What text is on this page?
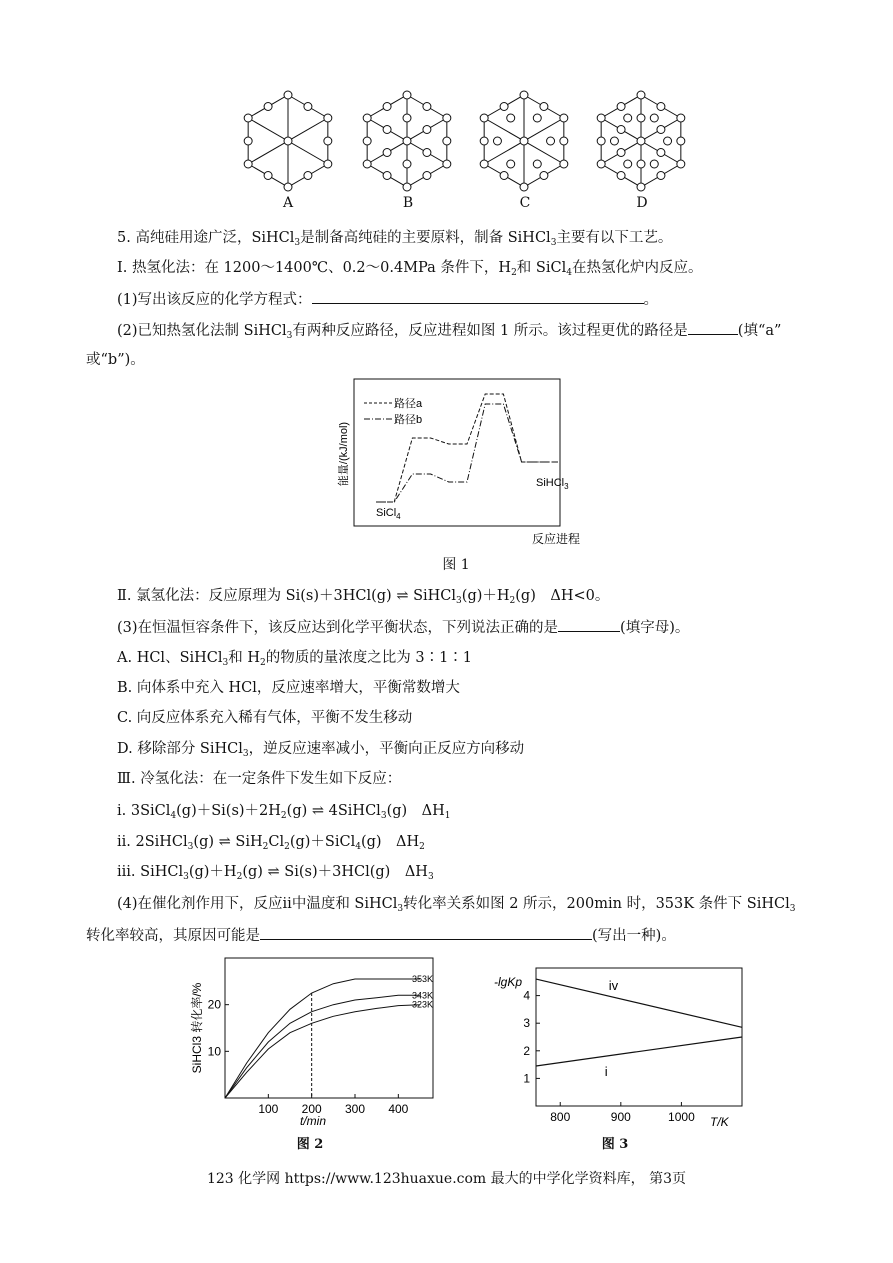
A	B	C	D
5. 高纯硅用途广泛，SiHCl$_3$是制备高纯硅的主要原料，制备 SiHCl$_3$主要有以下工艺。
Ⅰ. 热氢化法：在 1200～1400℃、0.2～0.4MPa 条件下，$H_2$和 SiCl$_4$在热氢化炉内反应。
(1)写出该反应的化学方程式：	。
(2)已知热氢化法制 SiHCl$_3$有两种反应路径，反应进程如图 1 所示。该过程更优的路径是	(填“a”
或“b”)。
能量/(kJ/mol)
路径a
路径b
SiCl$_4$
SiHCl$_3$
反应进程
图 1
Ⅱ. 氯氢化法：反应原理为 Si(s)＋3HCl(g) ⇌ $SiHCl_3(g)+H_2(g)$　ΔH<0。
(3)在恒温恒容条件下，该反应达到化学平衡状态，下列说法正确的是	(填字母)。
A. HCl、SiHCl$_3$和 $H_2$的物质的量浓度之比为 3∶1∶1
B. 向体系中充入 HCl，反应速率增大，平衡常数增大
C. 向反应体系充入稀有气体，平衡不发生移动
D. 移除部分 SiHCl$_3$，逆反应速率减小，平衡向正反应方向移动
Ⅲ. 冷氢化法：在一定条件下发生如下反应：
ⅰ. $3SiCl_4(g)+Si(s)+2H_2(g)$ ⇌ 4SiHCl$_3$(g)　$\Delta H_1$
ⅱ. 2SiHCl$_3$(g) ⇌ $SiH_2Cl_2(g)+SiCl_4(g)$　$\Delta H_2$
ⅲ. $SiHCl_3(g)+H_2(g)$ ⇌ Si(s)＋3HCl(g)　$\Delta H_3$
(4)在催化剂作用下，反应ⅱ中温度和 SiHCl$_3$转化率关系如图 2 所示，200min 时，353K 条件下 SiHCl$_3$
转化率较高，其原因可能是	(写出一种)。
SiHCl3 转化率/%
100 200 300 400
10
20
353K
343K
323K
t/min
图 2
-lgKp
800	900	1000
1
2
3
4
iv
i
T/K
图 3
123 化学网 https://www.123huaxue.com 最大的中学化学资料库， 第3页
